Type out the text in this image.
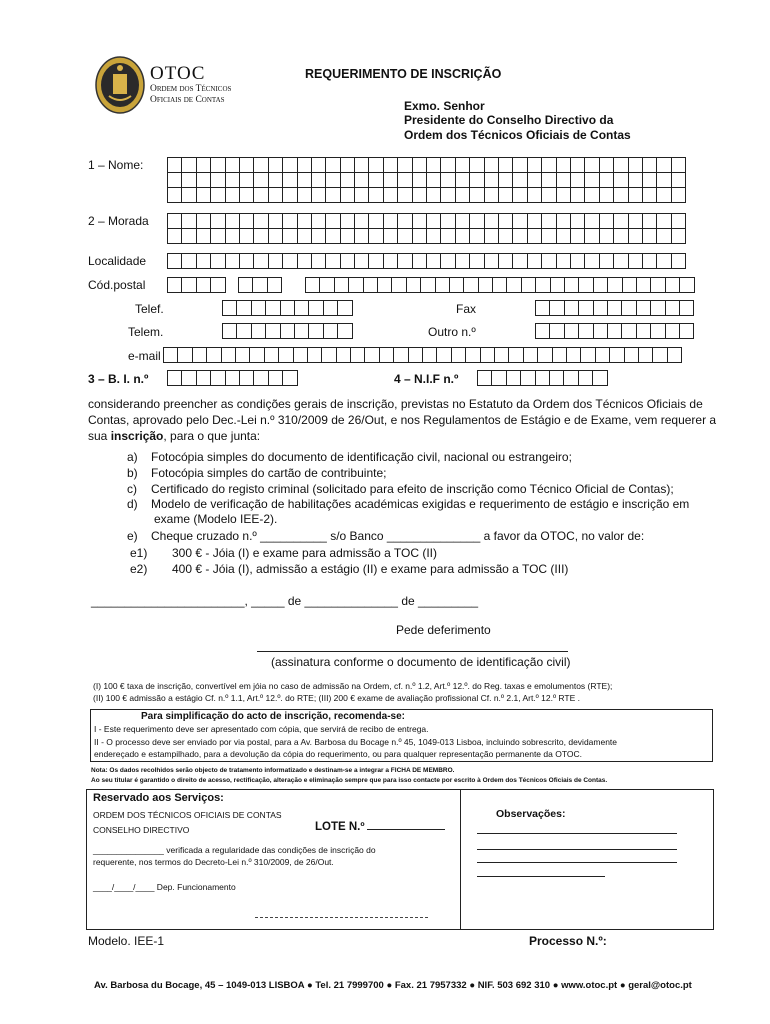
OTOC
Ordem dos Técnicos
Oficiais de Contas
REQUERIMENTO DE INSCRIÇÃO
Exmo. Senhor
Presidente do Conselho Directivo da
Ordem dos Técnicos Oficiais de Contas
1 – Nome:
2 – Morada
Localidade
Cód.postal
Telef.	Fax
Telem.	Outro n.º
e-mail
3 – B. I. n.º	4 – N.I.F n.º
considerando preencher as condições gerais de inscrição, previstas no Estatuto da Ordem dos Técnicos Oficiais de
Contas, aprovado pelo Dec.-Lei n.º 310/2009 de 26/Out, e nos Regulamentos de Estágio e de Exame, vem requerer a
sua inscrição, para o que junta:
a) Fotocópia simples do documento de identificação civil, nacional ou estrangeiro;
b) Fotocópia simples do cartão de contribuinte;
c) Certificado do registo criminal (solicitado para efeito de inscrição como Técnico Oficial de Contas);
d) Modelo de verificação de habilitações académicas exigidas e requerimento de estágio e inscrição em
exame (Modelo IEE-2).
e) Cheque cruzado n.º __________ s/o Banco ______________ a favor da OTOC, no valor de:
e1) 300 € - Jóia (I) e exame para admissão a TOC (II)
e2) 400 € - Jóia (I), admissão a estágio (II) e exame para admissão a TOC (III)
_______________________, _____ de ______________ de _________
Pede deferimento
(assinatura conforme o documento de identificação civil)
(I) 100 € taxa de inscrição, convertível em jóia no caso de admissão na Ordem, cf. n.º 1.2, Art.º 12.º. do Reg. taxas e emolumentos (RTE);
(II) 100 € admissão a estágio Cf. n.º 1.1, Art.º 12.º. do RTE; (III) 200 € exame de avaliação profissional Cf. n.º 2.1, Art.º 12.º RTE .
Para simplificação do acto de inscrição, recomenda-se:
I - Este requerimento deve ser apresentado com cópia, que servirá de recibo de entrega.
II - O processo deve ser enviado por via postal, para a Av. Barbosa du Bocage n.º 45, 1049-013 Lisboa, incluindo sobrescrito, devidamente
endereçado e estampilhado, para a devolução da cópia do requerimento, ou para qualquer representação permanente da OTOC.
Nota: Os dados recolhidos serão objecto de tratamento informatizado e destinam-se a integrar a FICHA DE MEMBRO.
Ao seu titular é garantido o direito de acesso, rectificação, alteração e eliminação sempre que para isso contacte por escrito à Ordem dos Técnicos Oficiais de Contas.
Reservado aos Serviços:
ORDEM DOS TÉCNICOS OFICIAIS DE CONTAS
CONSELHO DIRECTIVO	LOTE N.º
_______________ verificada a regularidade das condições de inscrição do
requerente, nos termos do Decreto-Lei n.º 310/2009, de 26/Out.
____/____/____ Dep. Funcionamento
Observações:
Modelo. IEE-1	Processo N.º:
Av. Barbosa du Bocage, 45 – 1049-013 LISBOA ● Tel. 21 7999700 ● Fax. 21 7957332 ● NIF. 503 692 310 ● www.otoc.pt ● geral@otoc.pt
